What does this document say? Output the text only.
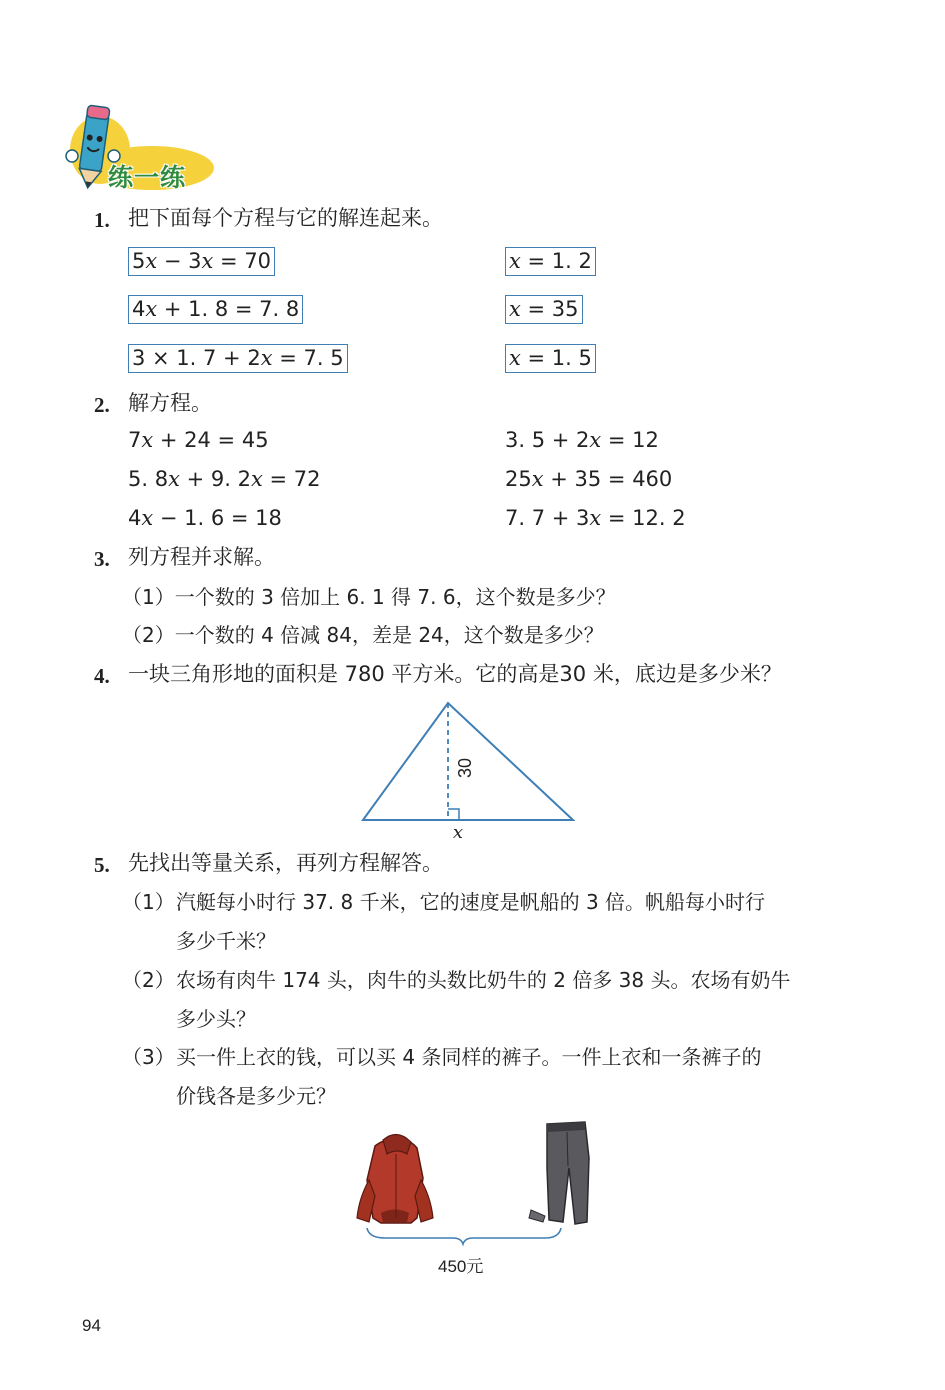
练一练
1. 把下面每个方程与它的解连起来。
5x − 3x = 70
4x + 1. 8 = 7. 8
3 × 1. 7 + 2x = 7. 5
x = 1. 2
x = 35
x = 1. 5
2. 解方程。
7x + 24 = 45
5. 8x + 9. 2x = 72
4x − 1. 6 = 18
3. 5 + 2x = 12
25x + 35 = 460
7. 7 + 3x = 12. 2
3. 列方程并求解。
（1）一个数的 3 倍加上 6. 1 得 7. 6，这个数是多少？
（2）一个数的 4 倍减 84，差是 24，这个数是多少？
4. 一块三角形地的面积是 780 平方米。它的高是30 米，底边是多少米？
30
x
5. 先找出等量关系，再列方程解答。
（1） 汽艇每小时行 37. 8 千米，它的速度是帆船的 3 倍。帆船每小时行
多少千米？
（2） 农场有肉牛 174 头，肉牛的头数比奶牛的 2 倍多 38 头。农场有奶牛
多少头？
（3） 买一件上衣的钱，可以买 4 条同样的裤子。一件上衣和一条裤子的
价钱各是多少元？
450元
94
